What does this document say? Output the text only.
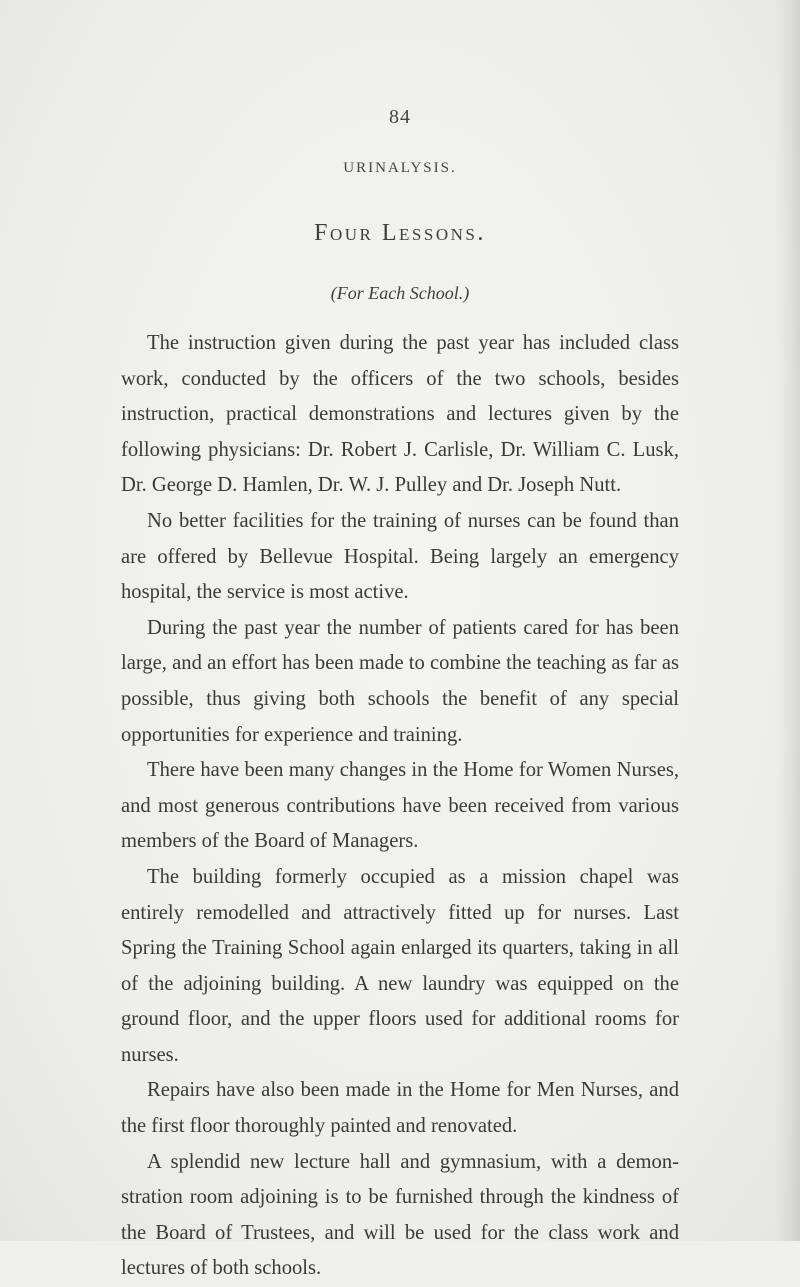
84
URINALYSIS.
Four Lessons.
(For Each School.)

The instruction given during the past year has included class work, conducted by the officers of the two schools, besides instruction, practical demonstrations and lectures given by the following physicians: Dr. Robert J. Carlisle, Dr. William C. Lusk, Dr. George D. Hamlen, Dr. W. J. Pulley and Dr. Joseph Nutt.

No better facilities for the training of nurses can be found than are offered by Bellevue Hospital. Being largely an emergency hospital, the service is most active.

During the past year the number of patients cared for has been large, and an effort has been made to combine the teaching as far as possible, thus giving both schools the benefit of any special opportunities for experience and training.

There have been many changes in the Home for Women Nurses, and most generous contributions have been received from various members of the Board of Managers.

The building formerly occupied as a mission chapel was entirely remodelled and attractively fitted up for nurses. Last Spring the Training School again enlarged its quarters, taking in all of the adjoining building. A new laundry was equipped on the ground floor, and the upper floors used for additional rooms for nurses.

Repairs have also been made in the Home for Men Nurses, and the first floor thoroughly painted and renovated.

A splendid new lecture hall and gymnasium, with a demonstration room adjoining is to be furnished through the kindness of the Board of Trustees, and will be used for the class work and lectures of both schools.
